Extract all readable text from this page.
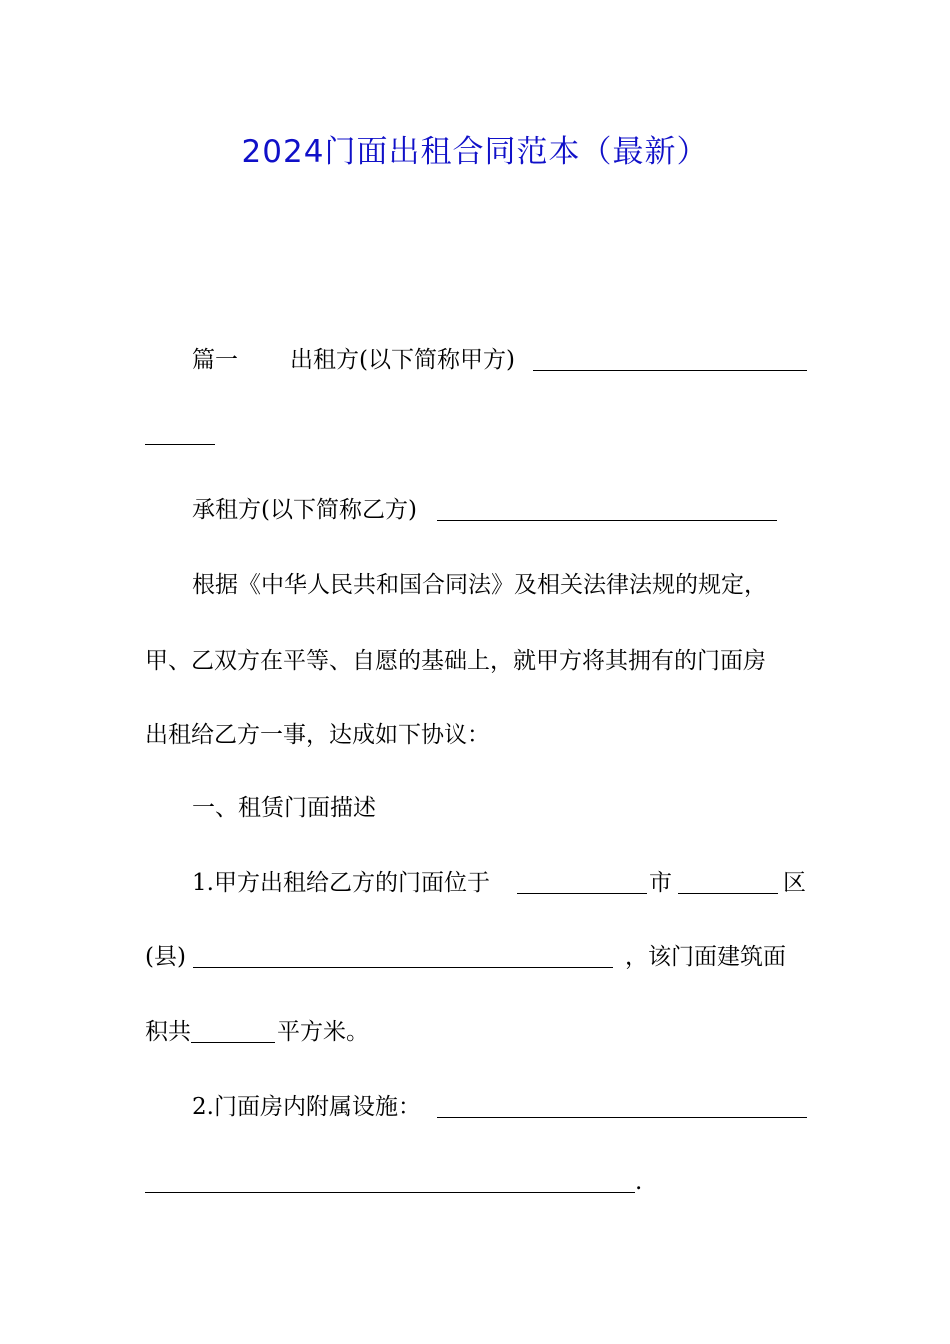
2024门面出租合同范本（最新）
篇一 出租方(以下简称甲方)
承租方(以下简称乙方)
根据《中华人民共和国合同法》及相关法律法规的规定，
甲、乙双方在平等、自愿的基础上，就甲方将其拥有的门面房
出租给乙方一事，达成如下协议：
一、租赁门面描述
1.甲方出租给乙方的门面位于	市	区
(县)	，该门面建筑面
积共	平方米。
2.门面房内附属设施：
.
